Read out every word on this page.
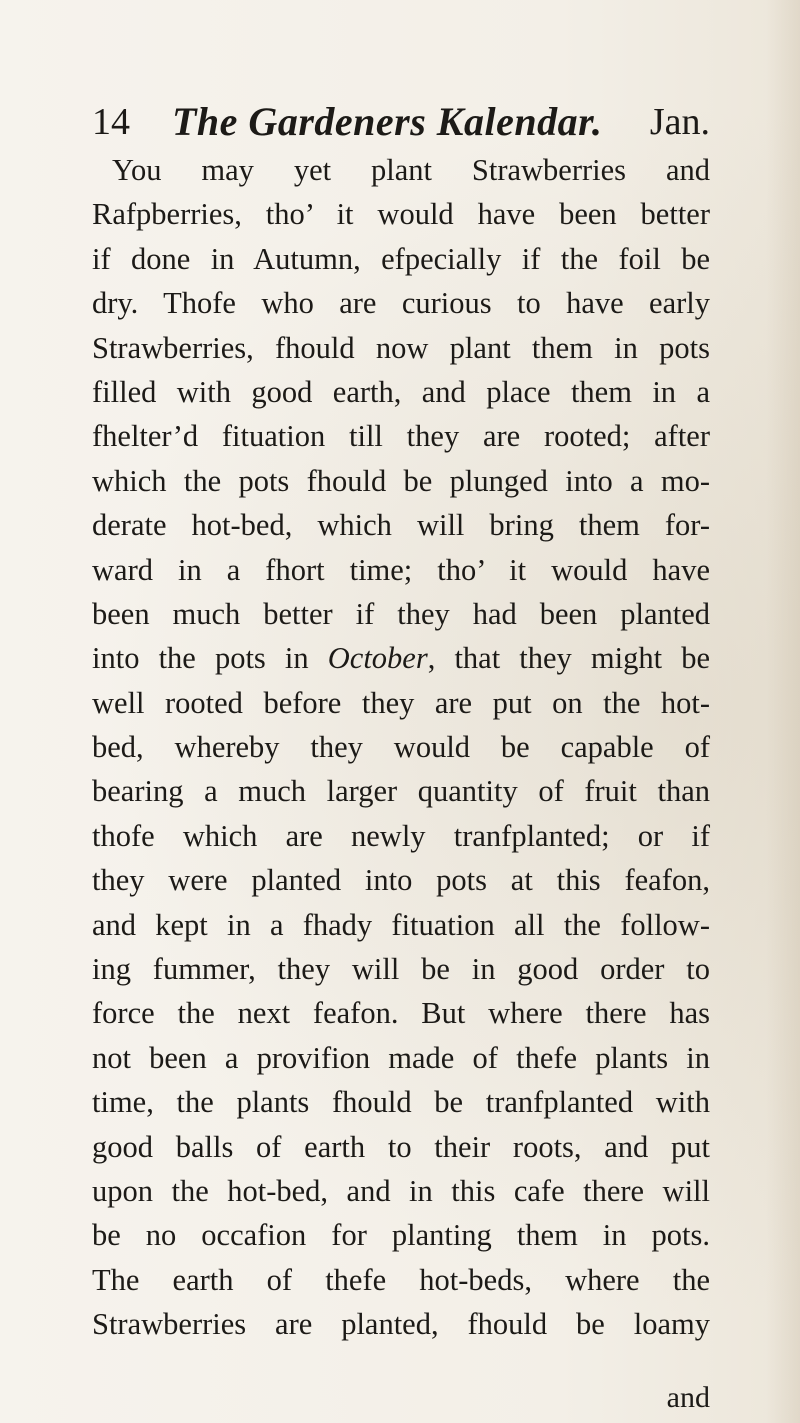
14 The Gardeners Kalendar. Jan.
You may yet plant Strawberries and
Rafpberries, tho’ it would have been better
if done in Autumn, efpecially if the foil be
dry. Thofe who are curious to have early
Strawberries, fhould now plant them in pots
filled with good earth, and place them in a
fhelter’d fituation till they are rooted; after
which the pots fhould be plunged into a mo-
derate hot-bed, which will bring them for-
ward in a fhort time; tho’ it would have
been much better if they had been planted
into the pots in October, that they might be
well rooted before they are put on the hot-
bed, whereby they would be capable of
bearing a much larger quantity of fruit than
thofe which are newly tranfplanted; or if
they were planted into pots at this feafon,
and kept in a fhady fituation all the follow-
ing fummer, they will be in good order to
force the next feafon. But where there has
not been a provifion made of thefe plants in
time, the plants fhould be tranfplanted with
good balls of earth to their roots, and put
upon the hot-bed, and in this cafe there will
be no occafion for planting them in pots.
The earth of thefe hot-beds, where the
Strawberries are planted, fhould be loamy
and
